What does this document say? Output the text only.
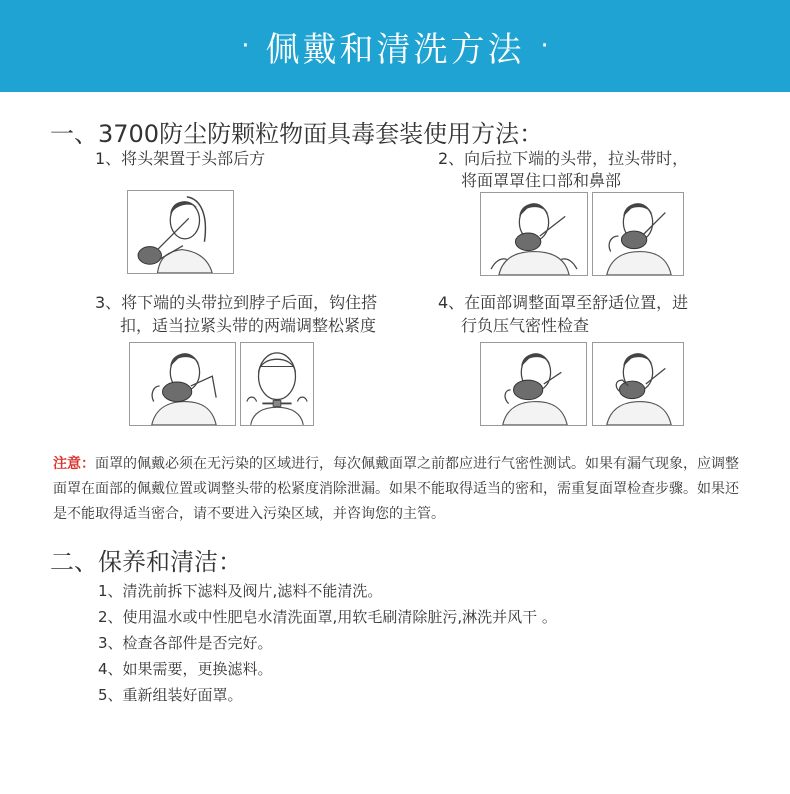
· 佩戴和清洗方法 ·
一、3700防尘防颗粒物面具毒套装使用方法：
1、将头架置于头部后方	2、向后拉下端的头带，拉头带时，
将面罩罩住口部和鼻部
3、将下端的头带拉到脖子后面，钩住搭
扣，适当拉紧头带的两端调整松紧度
4、在面部调整面罩至舒适位置，进
行负压气密性检查
注意：面罩的佩戴必须在无污染的区域进行，每次佩戴面罩之前都应进行气密性测试。如果有漏气现象，应调整面罩在面部的佩戴位置或调整头带的松紧度消除泄漏。如果不能取得适当的密和，需重复面罩检查步骤。如果还是不能取得适当密合，请不要进入污染区域，并咨询您的主管。
二、保养和清洁：
1、清洗前拆下滤料及阀片,滤料不能清洗。
2、使用温水或中性肥皂水清洗面罩,用软毛刷清除脏污,淋洗并风干 。
3、检查各部件是否完好。
4、如果需要，更换滤料。
5、重新组装好面罩。
